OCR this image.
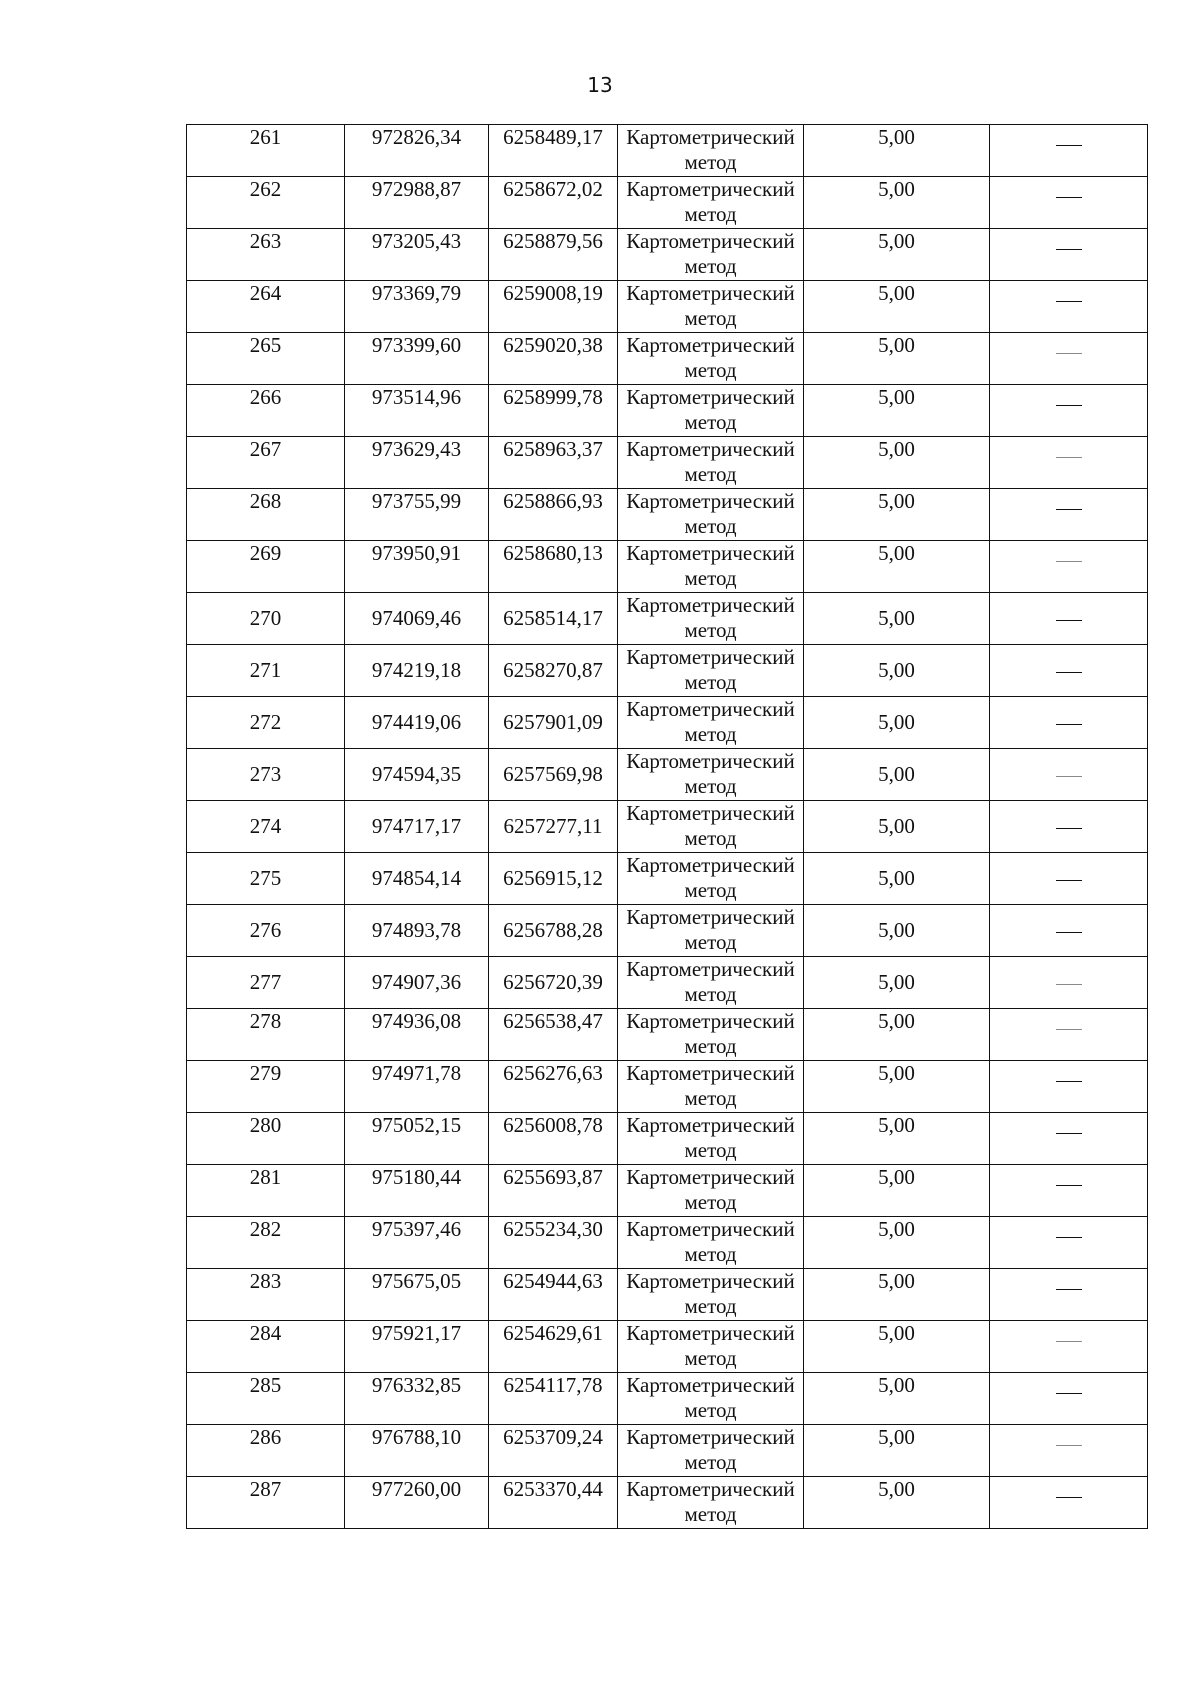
13
261	972826,34	6258489,17	Картометрический метод	5,00	
262	972988,87	6258672,02	Картометрический метод	5,00	
263	973205,43	6258879,56	Картометрический метод	5,00	
264	973369,79	6259008,19	Картометрический метод	5,00	
265	973399,60	6259020,38	Картометрический метод	5,00	
266	973514,96	6258999,78	Картометрический метод	5,00	
267	973629,43	6258963,37	Картометрический метод	5,00	
268	973755,99	6258866,93	Картометрический метод	5,00	
269	973950,91	6258680,13	Картометрический метод	5,00	
270	974069,46	6258514,17	Картометрический метод	5,00	
271	974219,18	6258270,87	Картометрический метод	5,00	
272	974419,06	6257901,09	Картометрический метод	5,00	
273	974594,35	6257569,98	Картометрический метод	5,00	
274	974717,17	6257277,11	Картометрический метод	5,00	
275	974854,14	6256915,12	Картометрический метод	5,00	
276	974893,78	6256788,28	Картометрический метод	5,00	
277	974907,36	6256720,39	Картометрический метод	5,00	
278	974936,08	6256538,47	Картометрический метод	5,00	
279	974971,78	6256276,63	Картометрический метод	5,00	
280	975052,15	6256008,78	Картометрический метод	5,00	
281	975180,44	6255693,87	Картометрический метод	5,00	
282	975397,46	6255234,30	Картометрический метод	5,00	
283	975675,05	6254944,63	Картометрический метод	5,00	
284	975921,17	6254629,61	Картометрический метод	5,00	
285	976332,85	6254117,78	Картометрический метод	5,00	
286	976788,10	6253709,24	Картометрический метод	5,00	
287	977260,00	6253370,44	Картометрический метод	5,00	
